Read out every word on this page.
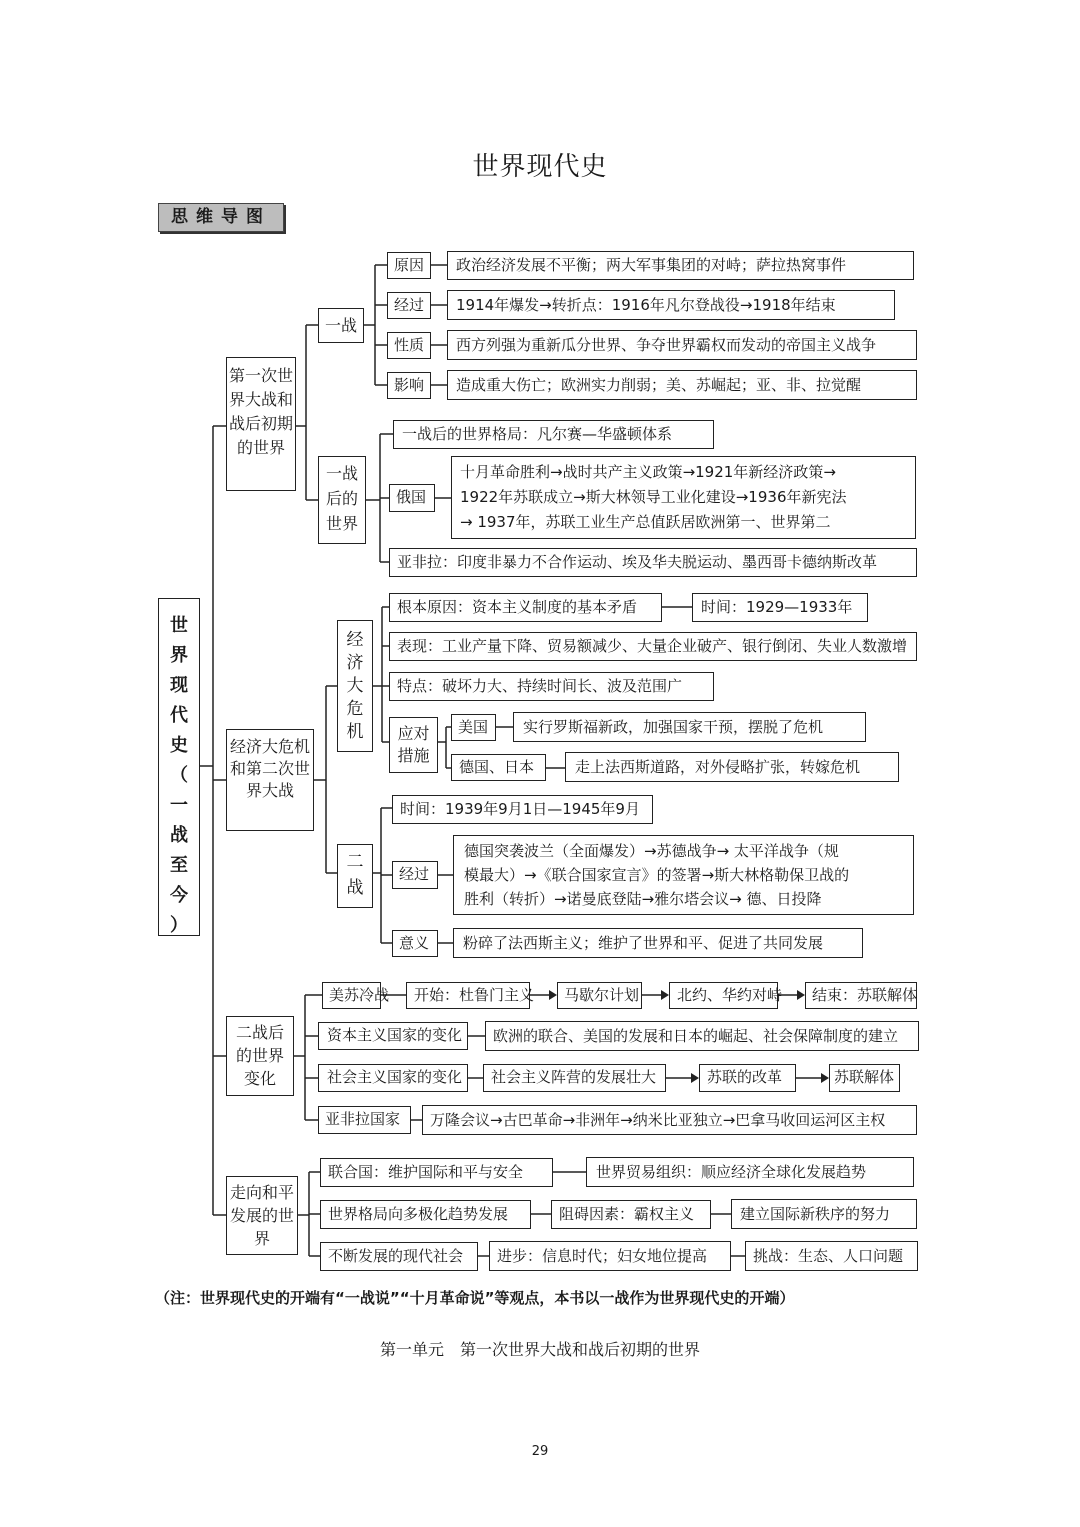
世界现代史
思维导图
世
界
现
代
史
（
一
战
至
今
）
第一次世界大战和战后初期的世界
经济大危机和第二次世界大战
二战后的世界变化
走向和平发展的世界
一战
一战后的世界
原因	政治经济发展不平衡；两大军事集团的对峙；萨拉热窝事件
经过	1914年爆发→转折点：1916年凡尔登战役→1918年结束
性质	西方列强为重新瓜分世界、争夺世界霸权而发动的帝国主义战争
影响	造成重大伤亡；欧洲实力削弱；美、苏崛起；亚、非、拉觉醒
一战后的世界格局：凡尔赛—华盛顿体系
俄国
十月革命胜利→战时共产主义政策→1921年新经济政策→
1922年苏联成立→斯大林领导工业化建设→1936年新宪法
→ 1937年，苏联工业生产总值跃居欧洲第一、世界第二
亚非拉：印度非暴力不合作运动、埃及华夫脱运动、墨西哥卡德纳斯改革
经
济
大
危
机
根本原因：资本主义制度的基本矛盾	时间：1929—1933年
表现：工业产量下降、贸易额减少、大量企业破产、银行倒闭、失业人数激增
特点：破坏力大、持续时间长、波及范围广
应对措施
美国	实行罗斯福新政，加强国家干预，摆脱了危机
德国、日本	走上法西斯道路，对外侵略扩张，转嫁危机
二
战
时间：1939年9月1日—1945年9月
经过
德国突袭波兰（全面爆发）→苏德战争→ 太平洋战争（规
模最大）→《联合国家宣言》的签署→斯大林格勒保卫战的
胜利（转折）→诺曼底登陆→雅尔塔会议→ 德、日投降
意义	粉碎了法西斯主义；维护了世界和平、促进了共同发展
美苏冷战	开始：杜鲁门主义	马歇尔计划	北约、华约对峙	结束：苏联解体
资本主义国家的变化	欧洲的联合、美国的发展和日本的崛起、社会保障制度的建立
社会主义国家的变化	社会主义阵营的发展壮大	苏联的改革	苏联解体
亚非拉国家	万隆会议→古巴革命→非洲年→纳米比亚独立→巴拿马收回运河区主权
联合国：维护国际和平与安全	世界贸易组织：顺应经济全球化发展趋势
世界格局向多极化趋势发展	阻碍因素：霸权主义	建立国际新秩序的努力
不断发展的现代社会	进步：信息时代；妇女地位提高	挑战：生态、人口问题
（注：世界现代史的开端有“一战说”“十月革命说”等观点，本书以一战作为世界现代史的开端）
第一单元　第一次世界大战和战后初期的世界
29
